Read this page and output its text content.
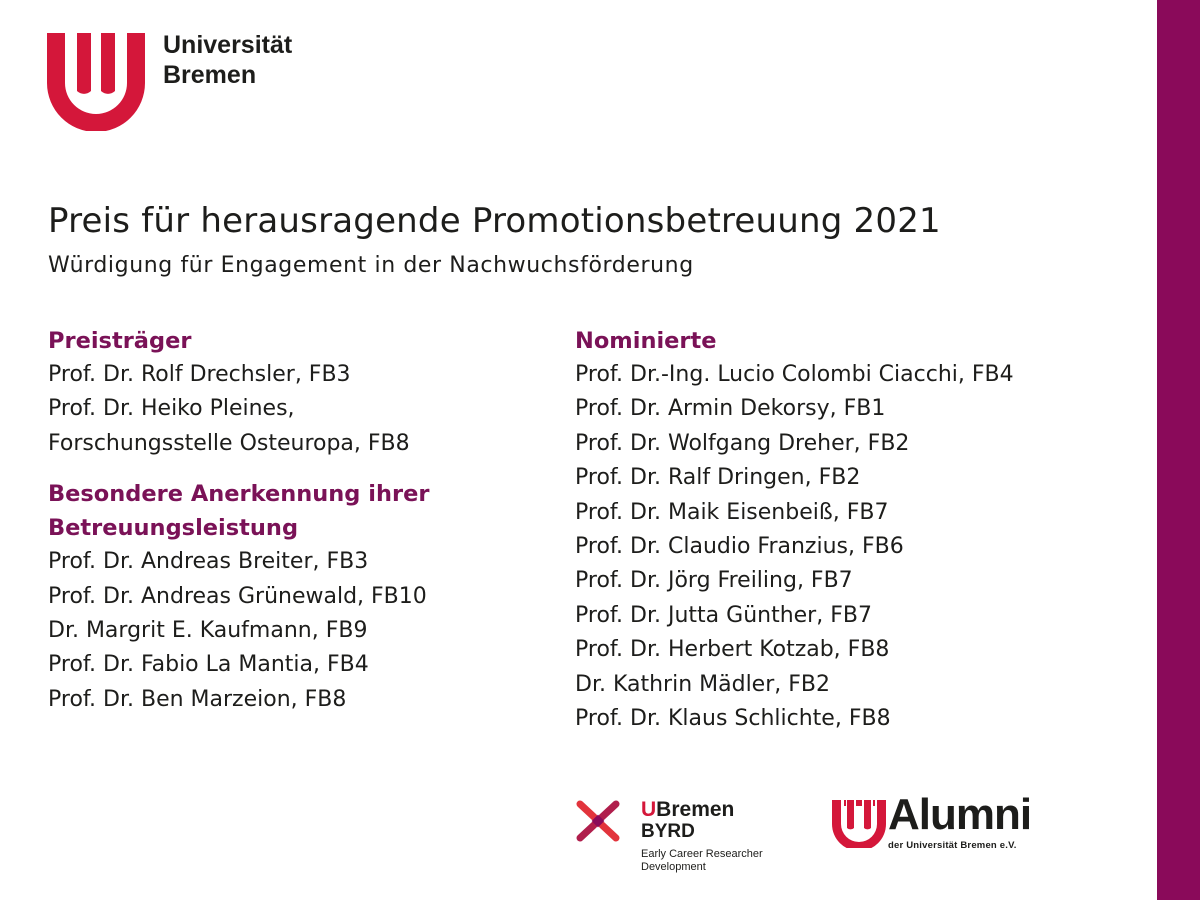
Universität
Bremen
Preis für herausragende Promotionsbetreuung 2021
Würdigung für Engagement in der Nachwuchsförderung
Preisträger
Prof. Dr. Rolf Drechsler, FB3
Prof. Dr. Heiko Pleines,
Forschungsstelle Osteuropa, FB8
Besondere Anerkennung ihrer
Betreuungsleistung
Prof. Dr. Andreas Breiter, FB3
Prof. Dr. Andreas Grünewald, FB10
Dr. Margrit E. Kaufmann, FB9
Prof. Dr. Fabio La Mantia, FB4
Prof. Dr. Ben Marzeion, FB8
Nominierte
Prof. Dr.-Ing. Lucio Colombi Ciacchi, FB4
Prof. Dr. Armin Dekorsy, FB1
Prof. Dr. Wolfgang Dreher, FB2
Prof. Dr. Ralf Dringen, FB2
Prof. Dr. Maik Eisenbeiß, FB7
Prof. Dr. Claudio Franzius, FB6
Prof. Dr. Jörg Freiling, FB7
Prof. Dr. Jutta Günther, FB7
Prof. Dr. Herbert Kotzab, FB8
Dr. Kathrin Mädler, FB2
Prof. Dr. Klaus Schlichte, FB8
UBremen
BYRD
Early Career Researcher
Development
Alumni
der Universität Bremen e.V.
